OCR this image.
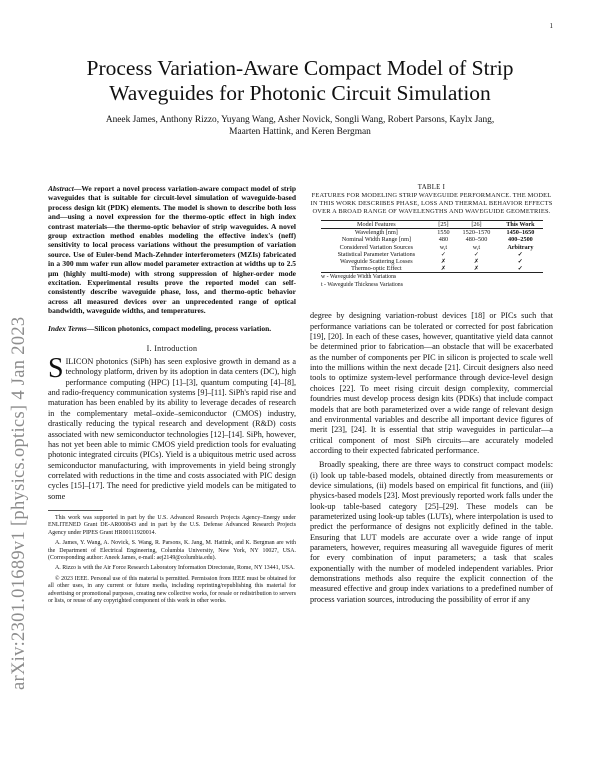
1
arXiv:2301.01689v1 [physics.optics] 4 Jan 2023
Process Variation-Aware Compact Model of Strip Waveguides for Photonic Circuit Simulation
Aneek James, Anthony Rizzo, Yuyang Wang, Asher Novick, Songli Wang, Robert Parsons, Kaylx Jang,
Maarten Hattink, and Keren Bergman

Abstract—We report a novel process variation-aware compact model of strip waveguides that is suitable for circuit-level simulation of waveguide-based process design kit (PDK) elements. The model is shown to describe both loss and—using a novel expression for the thermo-optic effect in high index contrast materials—the thermo-optic behavior of strip waveguides. A novel group extraction method enables modeling the effective index's (neff) sensitivity to local process variations without the presumption of variation source. Use of Euler-bend Mach-Zehnder interferometers (MZIs) fabricated in a 300 mm wafer run allow model parameter extraction at widths up to 2.5 μm (highly multi-mode) with strong suppression of higher-order mode excitation. Experimental results prove the reported model can self-consistently describe waveguide phase, loss, and thermo-optic behavior across all measured devices over an unprecedented range of optical bandwidth, waveguide widths, and temperatures.

Index Terms—Silicon photonics, compact modeling, process variation.

I. Introduction

SILICON photonics (SiPh) has seen explosive growth in demand as a technology platform, driven by its adoption in data centers (DC), high performance computing (HPC) [1]–[3], quantum computing [4]–[8], and radio-frequency communication systems [9]–[11]. SiPh's rapid rise and maturation has been enabled by its ability to leverage decades of research in the complementary metal–oxide–semiconductor (CMOS) industry, drastically reducing the typical research and development (R&D) costs associated with new semiconductor technologies [12]–[14]. SiPh, however, has not yet been able to mimic CMOS yield prediction tools for evaluating photonic integrated circuits (PICs). Yield is a ubiquitous metric used across semiconductor manufacturing, with improvements in yield being strongly correlated with reductions in the time and costs associated with PIC design cycles [15]–[17]. The need for predictive yield models can be mitigated to some

This work was supported in part by the U.S. Advanced Research Projects Agency–Energy under ENLITENED Grant DE-AR000843 and in part by the U.S. Defense Advanced Research Projects Agency under PIPES Grant HR00111920014.

A. James, Y. Wang, A. Novick, S. Wang, R. Parsons, K. Jang, M. Hattink, and K. Bergman are with the Department of Electrical Engineering, Columbia University, New York, NY 10027, USA. (Corresponding author: Aneek James, e-mail: aej2149@columbia.edu).

A. Rizzo is with the Air Force Research Laboratory Information Directorate, Rome, NY 13441, USA.

© 2023 IEEE. Personal use of this material is permitted. Permission from IEEE must be obtained for all other uses, in any current or future media, including reprinting/republishing this material for advertising or promotional purposes, creating new collective works, for resale or redistribution to servers or lists, or reuse of any copyrighted component of this work in other works.

TABLE I
FEATURES FOR MODELING STRIP WAVEGUIDE PERFORMANCE. THE MODEL IN THIS WORK DESCRIBES PHASE, LOSS AND THERMAL BEHAVIOR EFFECTS OVER A BROAD RANGE OF WAVELENGTHS AND WAVEGUIDE GEOMETRIES.
Model Features	[25]	[26]	This Work
Wavelength [nm]	1550	1520–1570	1450–1650
Nominal Width Range [nm]	480	480–500	400–2500
Considered Variation Sources	w,t	w,t	Arbitrary
Statistical Parameter Variations	✓	✓	✓
Waveguide Scattering Losses	✗	✗	✓
Thermo-optic Effect	✗	✗	✓
w - Waveguide Width Variations
t - Waveguide Thickness Variations

degree by designing variation-robust devices [18] or PICs such that performance variations can be tolerated or corrected for post fabrication [19], [20]. In each of these cases, however, quantitative yield data cannot be determined prior to fabrication—an obstacle that will be exacerbated as the number of components per PIC in silicon is projected to scale well into the millions within the next decade [21]. Circuit designers also need tools to optimize system-level performance through device-level design choices [22]. To meet rising circuit design complexity, commercial foundries must develop process design kits (PDKs) that include compact models that are both parameterized over a wide range of relevant design and environmental variables and describe all important device figures of merit [23], [24]. It is essential that strip waveguides in particular—a critical component of most SiPh circuits—are accurately modeled according to their expected fabricated performance.

Broadly speaking, there are three ways to construct compact models: (i) look up table-based models, obtained directly from measurements or device simulations, (ii) models based on empirical fit functions, and (iii) physics-based models [23]. Most previously reported work falls under the look-up table-based category [25]–[29]. These models can be parameterized using look-up tables (LUTs), where interpolation is used to predict the performance of designs not explicitly defined in the table. Ensuring that LUT models are accurate over a wide range of input parameters, however, requires measuring all waveguide figures of merit for every combination of input parameters; a task that scales exponentially with the number of modeled independent variables. Prior demonstrations methods also require the explicit connection of the measured effective and group index variations to a predefined number of process variation sources, introducing the possibility of error if any
